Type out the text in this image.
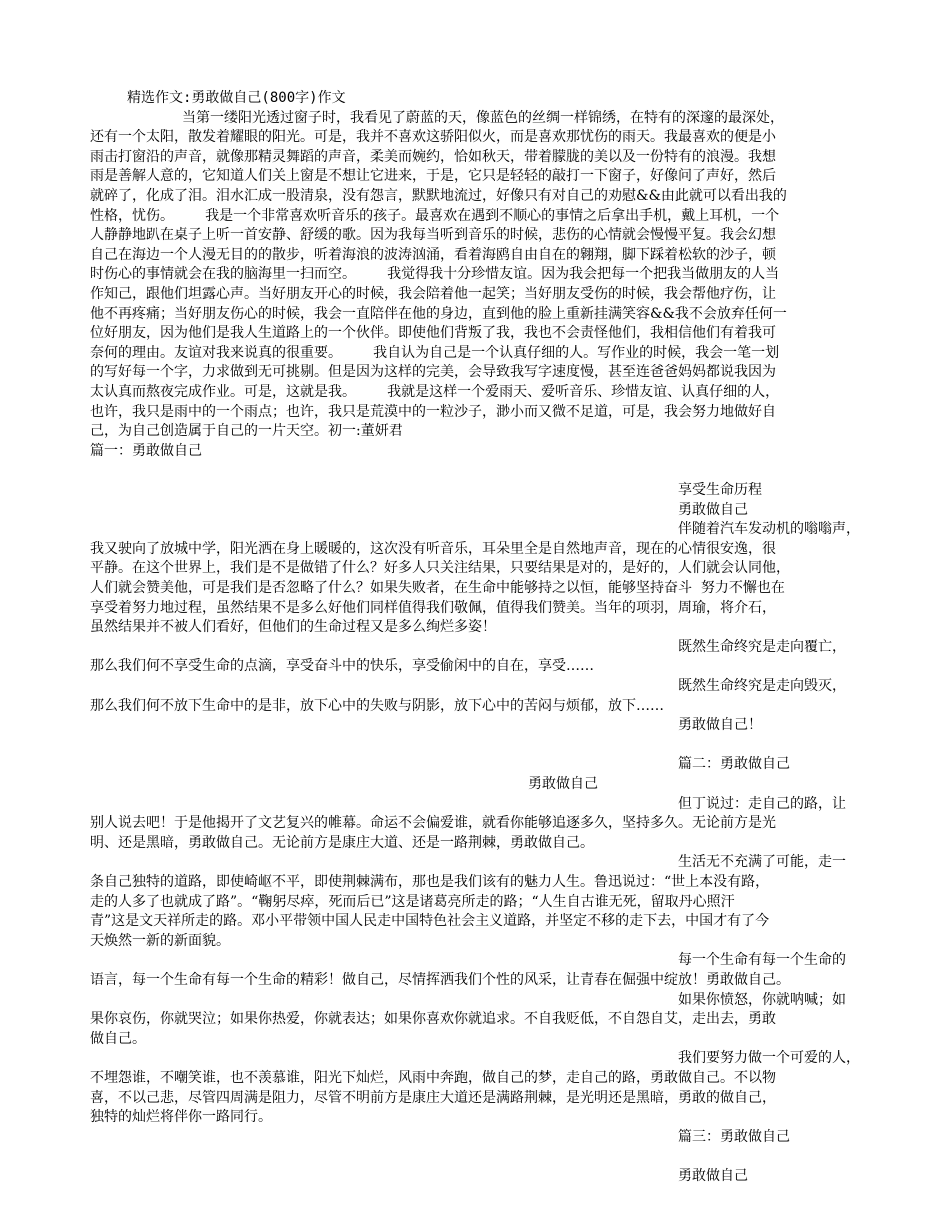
精选作文:勇敢做自己(800字)作文
当第一缕阳光透过窗子时，我看见了蔚蓝的天，像蓝色的丝绸一样锦绣，在特有的深邃的最深处，
还有一个太阳，散发着耀眼的阳光。可是，我并不喜欢这骄阳似火，而是喜欢那忧伤的雨天。我最喜欢的便是小
雨击打窗沿的声音，就像那精灵舞蹈的声音，柔美而婉约，恰如秋天，带着朦胧的美以及一份特有的浪漫。我想
雨是善解人意的，它知道人们关上窗是不想让它进来，于是，它只是轻轻的敲打一下窗子，好像问了声好，然后
就碎了，化成了泪。泪水汇成一股清泉，没有怨言，默默地流过，好像只有对自己的劝慰&&由此就可以看出我的
性格，忧伤。       我是一个非常喜欢听音乐的孩子。最喜欢在遇到不顺心的事情之后拿出手机，戴上耳机，一个
人静静地趴在桌子上听一首安静、舒缓的歌。因为我每当听到音乐的时候，悲伤的心情就会慢慢平复。我会幻想
自己在海边一个人漫无目的的散步，听着海浪的波涛汹涌，看着海鸥自由自在的翱翔，脚下踩着松软的沙子，顿
时伤心的事情就会在我的脑海里一扫而空。       我觉得我十分珍惜友谊。因为我会把每一个把我当做朋友的人当
作知己，跟他们坦露心声。当好朋友开心的时候，我会陪着他一起笑；当好朋友受伤的时候，我会帮他疗伤，让
他不再疼痛；当好朋友伤心的时候，我会一直陪伴在他的身边，直到他的脸上重新挂满笑容&&我不会放弃任何一
位好朋友，因为他们是我人生道路上的一个伙伴。即使他们背叛了我，我也不会责怪他们，我相信他们有着我可
奈何的理由。友谊对我来说真的很重要。       我自认为自己是一个认真仔细的人。写作业的时候，我会一笔一划
的写好每一个字，力求做到无可挑剔。但是因为这样的完美，会导致我写字速度慢，甚至连爸爸妈妈都说我因为
太认真而熬夜完成作业。可是，这就是我。       我就是这样一个爱雨天、爱听音乐、珍惜友谊、认真仔细的人，
也许，我只是雨中的一个雨点；也许，我只是荒漠中的一粒沙子，渺小而又微不足道，可是，我会努力地做好自
己，为自己创造属于自己的一片天空。初一:董妍君
篇一：勇敢做自己
享受生命历程
勇敢做自己
伴随着汽车发动机的嗡嗡声，
我又驶向了放城中学，阳光洒在身上暖暖的，这次没有听音乐，耳朵里全是自然地声音，现在的心情很安逸，很
平静。在这个世界上，我们是不是做错了什么？好多人只关注结果，只要结果是对的，是好的，人们就会认同他，
人们就会赞美他，可是我们是否忽略了什么？如果失败者，在生命中能够持之以恒，能够坚持奋斗  努力不懈也在
享受着努力地过程，虽然结果不是多么好他们同样值得我们敬佩，值得我们赞美。当年的项羽，周瑜，将介石，
虽然结果并不被人们看好，但他们的生命过程又是多么绚烂多姿！
既然生命终究是走向覆亡，
那么我们何不享受生命的点滴，享受奋斗中的快乐，享受偷闲中的自在，享受……
既然生命终究是走向毁灭，
那么我们何不放下生命中的是非，放下心中的失败与阴影，放下心中的苦闷与烦郁，放下……
勇敢做自己！
篇二：勇敢做自己
勇敢做自己
但丁说过：走自己的路，让
别人说去吧！于是他揭开了文艺复兴的帷幕。命运不会偏爱谁，就看你能够追逐多久，坚持多久。无论前方是光
明、还是黑暗，勇敢做自己。无论前方是康庄大道、还是一路荆棘，勇敢做自己。
生活无不充满了可能，走一
条自己独特的道路，即使崎岖不平，即使荆棘满布，那也是我们该有的魅力人生。鲁迅说过：“世上本没有路，
走的人多了也就成了路”。“鞠躬尽瘁，死而后已”这是诸葛亮所走的路；“人生自古谁无死，留取丹心照汗
青”这是文天祥所走的路。邓小平带领中国人民走中国特色社会主义道路，并坚定不移的走下去，中国才有了今
天焕然一新的新面貌。
每一个生命有每一个生命的
语言，每一个生命有每一个生命的精彩！做自己，尽情挥洒我们个性的风采，让青春在倔强中绽放！勇敢做自己。
如果你愤怒，你就呐喊；如
果你哀伤，你就哭泣；如果你热爱，你就表达；如果你喜欢你就追求。不自我贬低，不自怨自艾，走出去，勇敢
做自己。
我们要努力做一个可爱的人，
不埋怨谁，不嘲笑谁，也不羡慕谁，阳光下灿烂，风雨中奔跑，做自己的梦，走自己的路，勇敢做自己。不以物
喜，不以己悲，尽管四周满是阻力，尽管不明前方是康庄大道还是满路荆棘，是光明还是黑暗，勇敢的做自己，
独特的灿烂将伴你一路同行。
篇三：勇敢做自己
勇敢做自己
